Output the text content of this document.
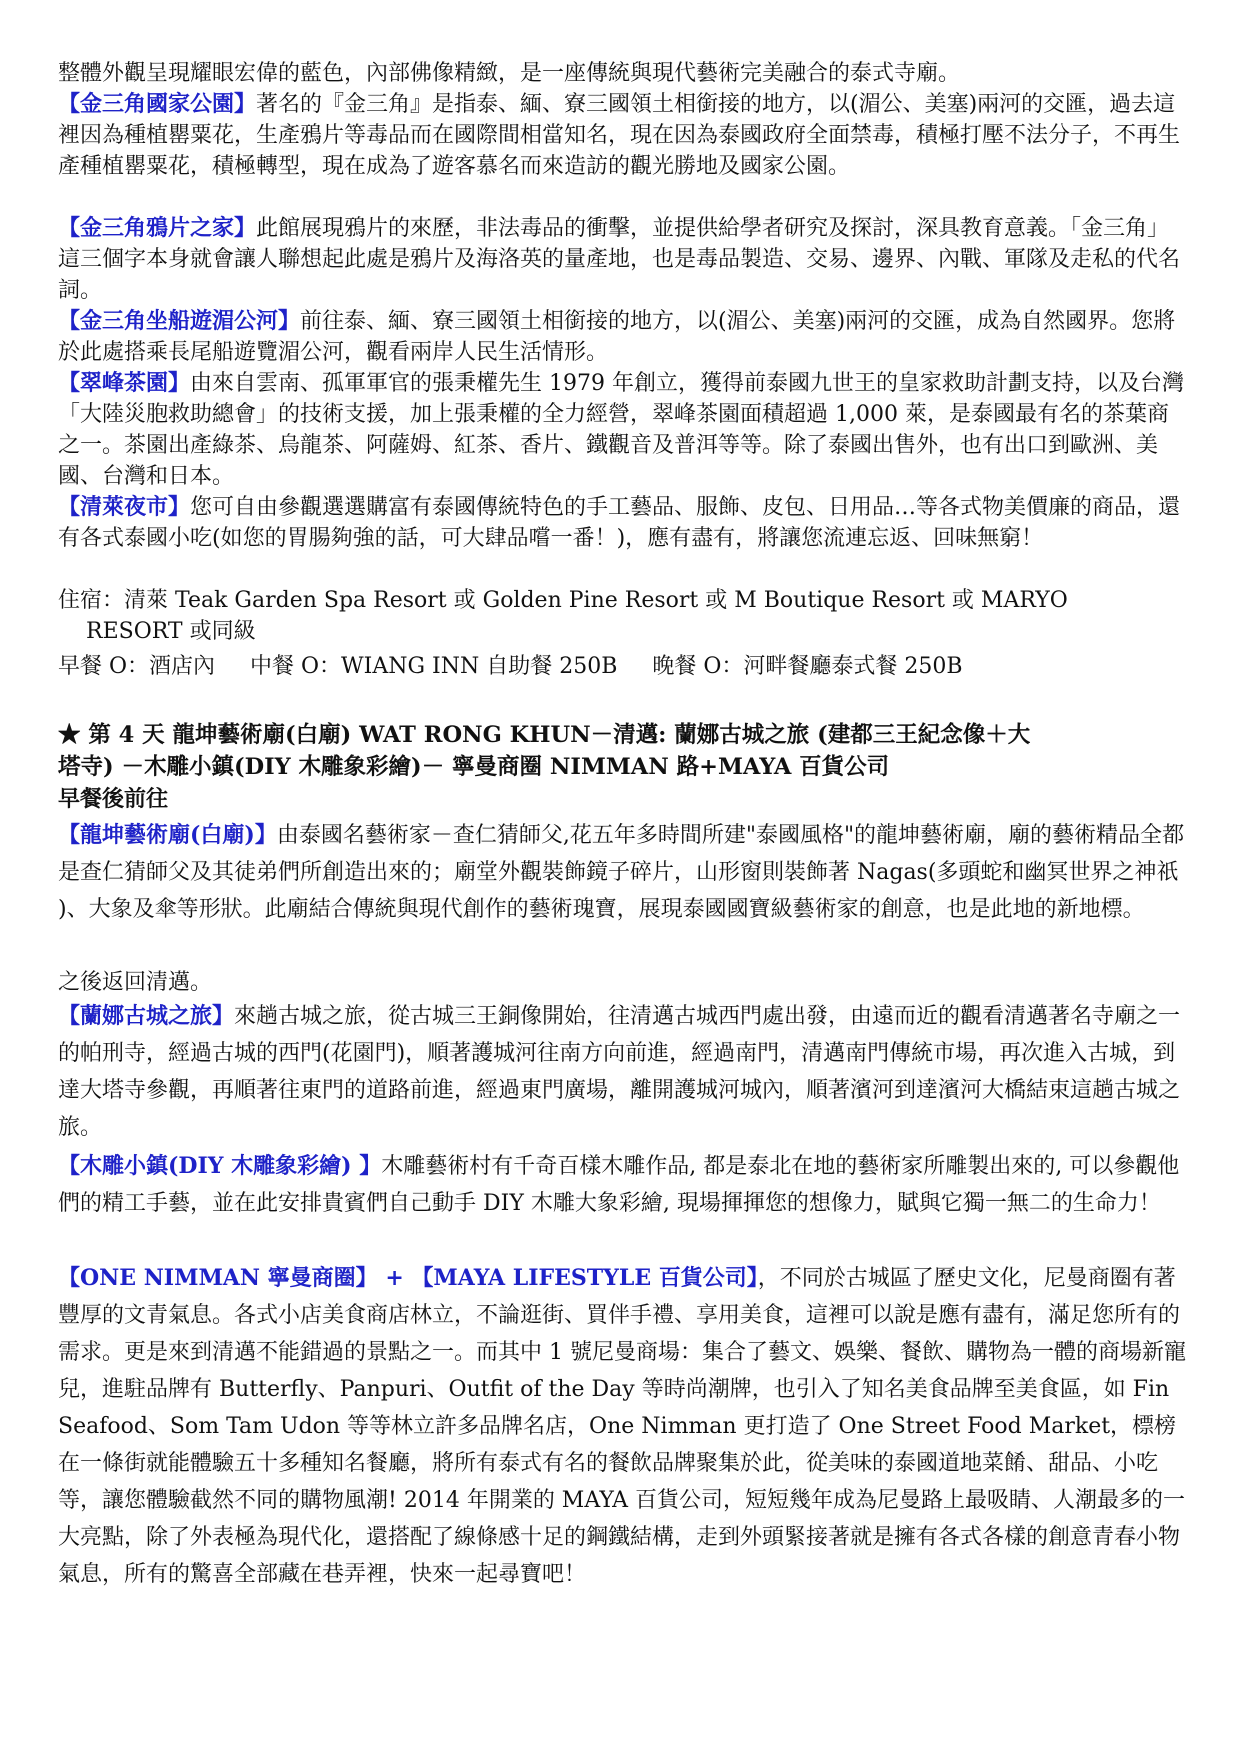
整體外觀呈現耀眼宏偉的藍色，內部佛像精緻，是一座傳統與現代藝術完美融合的泰式寺廟。

【金三角國家公園】著名的『金三角』是指泰、緬、寮三國領土相銜接的地方，以(湄公、美塞)兩河的交匯，過去這裡因為種植罌粟花，生產鴉片等毒品而在國際間相當知名，現在因為泰國政府全面禁毒，積極打壓不法分子，不再生產種植罌粟花，積極轉型，現在成為了遊客慕名而來造訪的觀光勝地及國家公園。

【金三角鴉片之家】此館展現鴉片的來歷，非法毒品的衝擊，並提供給學者研究及探討，深具教育意義。「金三角」這三個字本身就會讓人聯想起此處是鴉片及海洛英的量產地，也是毒品製造、交易、邊界、內戰、軍隊及走私的代名詞。

【金三角坐船遊湄公河】前往泰、緬、寮三國領土相銜接的地方，以(湄公、美塞)兩河的交匯，成為自然國界。您將於此處搭乘長尾船遊覽湄公河，觀看兩岸人民生活情形。

【翠峰茶園】由來自雲南、孤軍軍官的張秉權先生 1979 年創立，獲得前泰國九世王的皇家救助計劃支持，以及台灣「大陸災胞救助總會」的技術支援，加上張秉權的全力經營，翠峰茶園面積超過 1,000 萊，是泰國最有名的茶葉商之一。茶園出產綠茶、烏龍茶、阿薩姆、紅茶、香片、鐵觀音及普洱等等。除了泰國出售外，也有出口到歐洲、美國、台灣和日本。

【清萊夜市】您可自由參觀選選購富有泰國傳統特色的手工藝品、服飾、皮包、日用品…等各式物美價廉的商品，還有各式泰國小吃(如您的胃腸夠強的話，可大肆品嚐一番！)，應有盡有，將讓您流連忘返、回味無窮！

住宿：清萊 Teak Garden Spa Resort 或 Golden Pine Resort 或 M Boutique Resort 或 MARYO

RESORT 或同級

早餐 O：酒店內     中餐 O：WIANG INN 自助餐 250B     晚餐 O：河畔餐廳泰式餐 250B

★ 第 4 天 龍坤藝術廟(白廟) WAT RONG KHUN－清邁: 蘭娜古城之旅 (建都三王紀念像＋大

塔寺) －木雕小鎮(DIY 木雕象彩繪)－ 寧曼商圈 NIMMAN 路+MAYA 百貨公司

早餐後前往

【龍坤藝術廟(白廟)】由泰國名藝術家－查仁猜師父,花五年多時間所建"泰國風格"的龍坤藝術廟，廟的藝術精品全都是查仁猜師父及其徒弟們所創造出來的；廟堂外觀裝飾鏡子碎片，山形窗則裝飾著 Nagas(多頭蛇和幽冥世界之神祇 )、大象及傘等形狀。此廟結合傳統與現代創作的藝術瑰寶，展現泰國國寶級藝術家的創意，也是此地的新地標。

之後返回清邁。

【蘭娜古城之旅】來趟古城之旅，從古城三王銅像開始，往清邁古城西門處出發，由遠而近的觀看清邁著名寺廟之一的帕刑寺，經過古城的西門(花園門)，順著護城河往南方向前進，經過南門，清邁南門傳統市場，再次進入古城，到達大塔寺參觀，再順著往東門的道路前進，經過東門廣場，離開護城河城內，順著濱河到達濱河大橋結束這趟古城之旅。

【木雕小鎮(DIY 木雕象彩繪) 】木雕藝術村有千奇百樣木雕作品, 都是泰北在地的藝術家所雕製出來的, 可以參觀他們的精工手藝，並在此安排貴賓們自己動手 DIY 木雕大象彩繪, 現場揮揮您的想像力，賦與它獨一無二的生命力！

【ONE NIMMAN 寧曼商圈】 + 【MAYA LIFESTYLE 百貨公司】，不同於古城區了歷史文化，尼曼商圈有著豐厚的文青氣息。各式小店美食商店林立，不論逛街、買伴手禮、享用美食，這裡可以說是應有盡有，滿足您所有的需求。更是來到清邁不能錯過的景點之一。而其中 1 號尼曼商場：集合了藝文、娛樂、餐飲、購物為一體的商場新寵兒，進駐品牌有 Butterfly、Panpuri、Outfit of the Day 等時尚潮牌，也引入了知名美食品牌至美食區，如 Fin Seafood、Som Tam Udon 等等林立許多品牌名店，One Nimman 更打造了 One Street Food Market，標榜在一條街就能體驗五十多種知名餐廳，將所有泰式有名的餐飲品牌聚集於此，從美味的泰國道地菜餚、甜品、小吃等，讓您體驗截然不同的購物風潮! 2014 年開業的 MAYA 百貨公司，短短幾年成為尼曼路上最吸睛、人潮最多的一大亮點，除了外表極為現代化，還搭配了線條感十足的鋼鐵結構，走到外頭緊接著就是擁有各式各樣的創意青春小物氣息，所有的驚喜全部藏在巷弄裡，快來一起尋寶吧！
